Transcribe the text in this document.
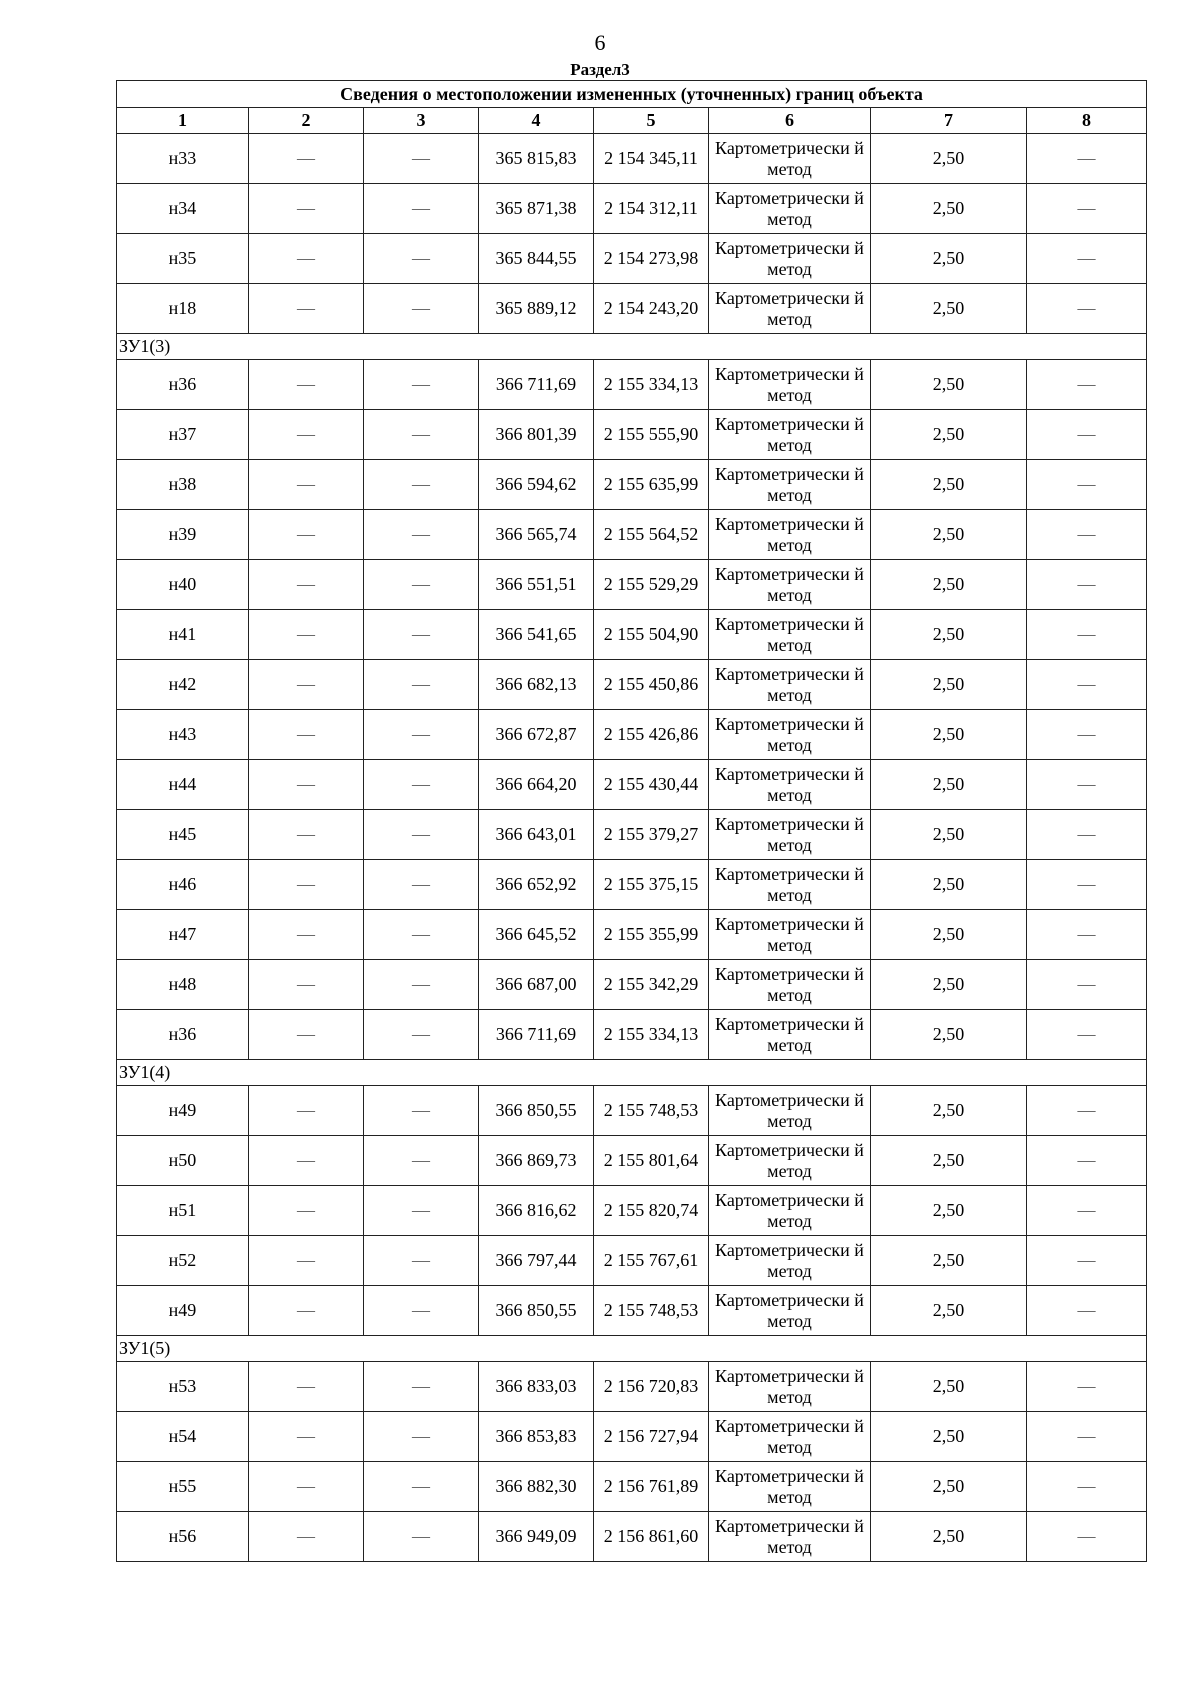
6
Раздел3
Сведения о местоположении измененных (уточненных) границ объекта							
1	2	3	4	5	6	7	8
н33	—	—	365 815,83	2 154 345,11	Картометрически й метод	2,50	—
н34	—	—	365 871,38	2 154 312,11	Картометрически й метод	2,50	—
н35	—	—	365 844,55	2 154 273,98	Картометрически й метод	2,50	—
н18	—	—	365 889,12	2 154 243,20	Картометрически й метод	2,50	—
ЗУ1(3)							
н36	—	—	366 711,69	2 155 334,13	Картометрически й метод	2,50	—
н37	—	—	366 801,39	2 155 555,90	Картометрически й метод	2,50	—
н38	—	—	366 594,62	2 155 635,99	Картометрически й метод	2,50	—
н39	—	—	366 565,74	2 155 564,52	Картометрически й метод	2,50	—
н40	—	—	366 551,51	2 155 529,29	Картометрически й метод	2,50	—
н41	—	—	366 541,65	2 155 504,90	Картометрически й метод	2,50	—
н42	—	—	366 682,13	2 155 450,86	Картометрически й метод	2,50	—
н43	—	—	366 672,87	2 155 426,86	Картометрически й метод	2,50	—
н44	—	—	366 664,20	2 155 430,44	Картометрически й метод	2,50	—
н45	—	—	366 643,01	2 155 379,27	Картометрически й метод	2,50	—
н46	—	—	366 652,92	2 155 375,15	Картометрически й метод	2,50	—
н47	—	—	366 645,52	2 155 355,99	Картометрически й метод	2,50	—
н48	—	—	366 687,00	2 155 342,29	Картометрически й метод	2,50	—
н36	—	—	366 711,69	2 155 334,13	Картометрически й метод	2,50	—
ЗУ1(4)							
н49	—	—	366 850,55	2 155 748,53	Картометрически й метод	2,50	—
н50	—	—	366 869,73	2 155 801,64	Картометрически й метод	2,50	—
н51	—	—	366 816,62	2 155 820,74	Картометрически й метод	2,50	—
н52	—	—	366 797,44	2 155 767,61	Картометрически й метод	2,50	—
н49	—	—	366 850,55	2 155 748,53	Картометрически й метод	2,50	—
ЗУ1(5)							
н53	—	—	366 833,03	2 156 720,83	Картометрически й метод	2,50	—
н54	—	—	366 853,83	2 156 727,94	Картометрически й метод	2,50	—
н55	—	—	366 882,30	2 156 761,89	Картометрически й метод	2,50	—
н56	—	—	366 949,09	2 156 861,60	Картометрически й метод	2,50	—
